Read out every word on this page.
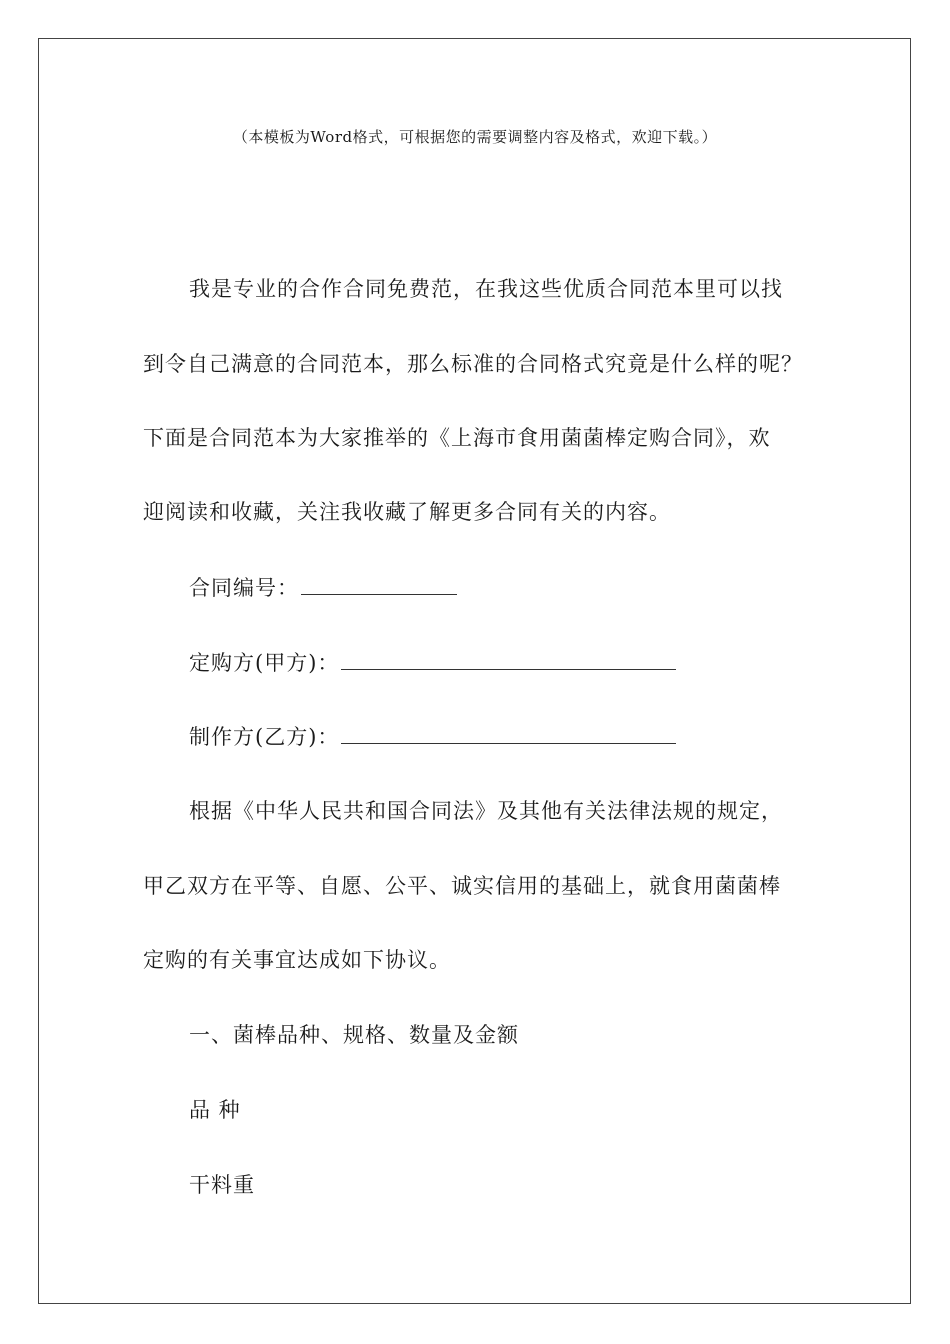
（本模板为Word格式，可根据您的需要调整内容及格式，欢迎下载。）
我是专业的合作合同免费范，在我这些优质合同范本里可以找
到令自己满意的合同范本，那么标准的合同格式究竟是什么样的呢？
下面是合同范本为大家推举的《上海市食用菌菌棒定购合同》，欢
迎阅读和收藏，关注我收藏了解更多合同有关的内容。
合同编号：
定购方(甲方)：
制作方(乙方)：
根据《中华人民共和国合同法》及其他有关法律法规的规定，
甲乙双方在平等、自愿、公平、诚实信用的基础上，就食用菌菌棒
定购的有关事宜达成如下协议。
一、菌棒品种、规格、数量及金额
品 种
干料重
